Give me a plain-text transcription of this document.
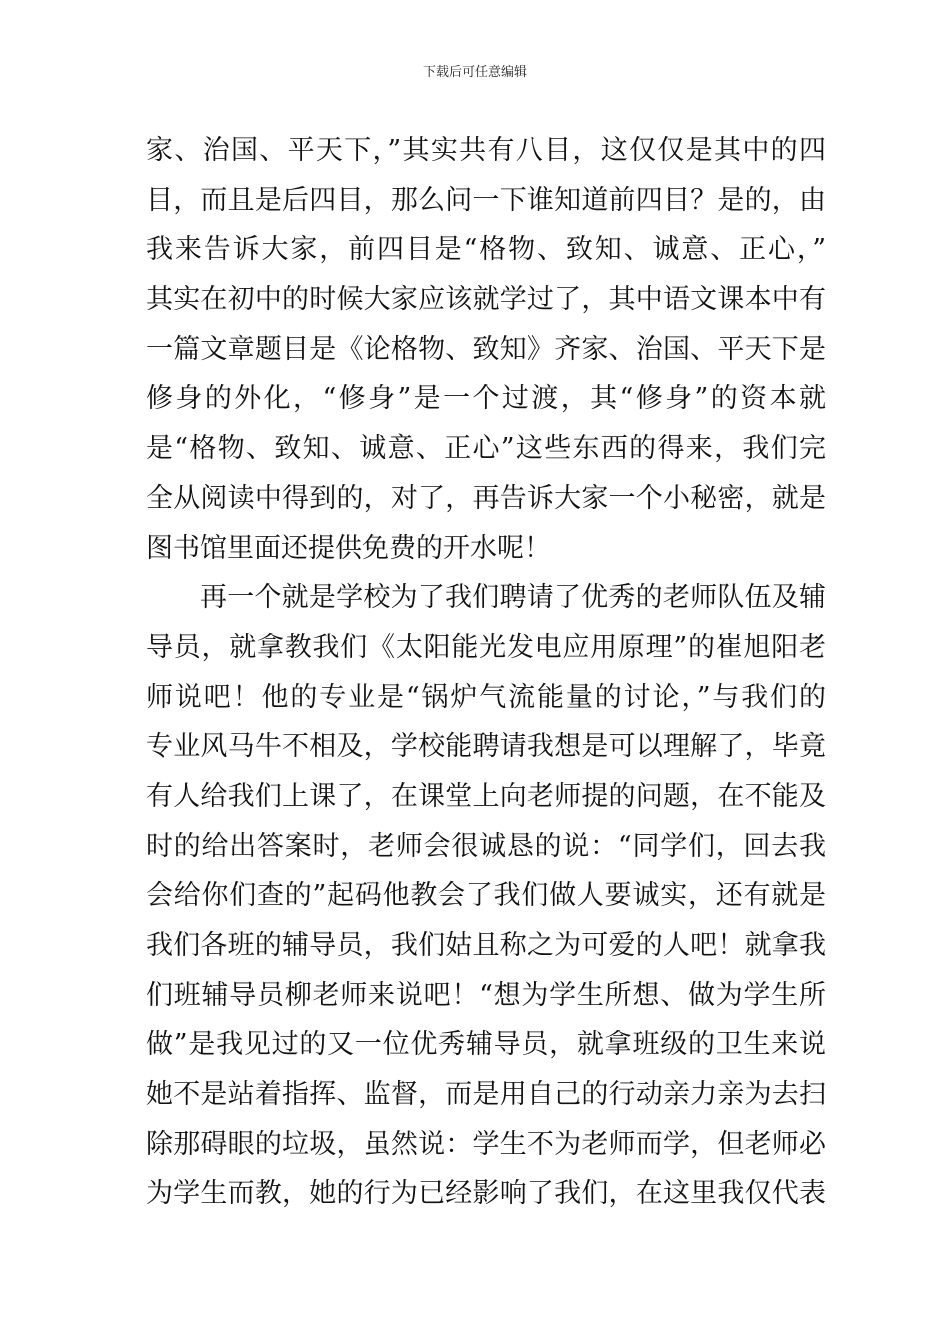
下载后可任意编辑
家、治国、平天下，”其实共有八目，这仅仅是其中的四
目，而且是后四目，那么问一下谁知道前四目？是的，由
我来告诉大家，前四目是“格物、致知、诚意、正心，”
其实在初中的时候大家应该就学过了，其中语文课本中有
一篇文章题目是《论格物、致知》齐家、治国、平天下是
修身的外化，“修身”是一个过渡，其“修身”的资本就
是“格物、致知、诚意、正心”这些东西的得来，我们完
全从阅读中得到的，对了，再告诉大家一个小秘密，就是
图书馆里面还提供免费的开水呢！
再一个就是学校为了我们聘请了优秀的老师队伍及辅
导员，就拿教我们《太阳能光发电应用原理”的崔旭阳老
师说吧！他的专业是“锅炉气流能量的讨论，”与我们的
专业风马牛不相及，学校能聘请我想是可以理解了，毕竟
有人给我们上课了，在课堂上向老师提的问题，在不能及
时的给出答案时，老师会很诚恳的说：“同学们，回去我
会给你们查的”起码他教会了我们做人要诚实，还有就是
我们各班的辅导员，我们姑且称之为可爱的人吧！就拿我
们班辅导员柳老师来说吧！“想为学生所想、做为学生所
做”是我见过的又一位优秀辅导员，就拿班级的卫生来说
她不是站着指挥、监督，而是用自己的行动亲力亲为去扫
除那碍眼的垃圾，虽然说：学生不为老师而学，但老师必
为学生而教，她的行为已经影响了我们，在这里我仅代表
